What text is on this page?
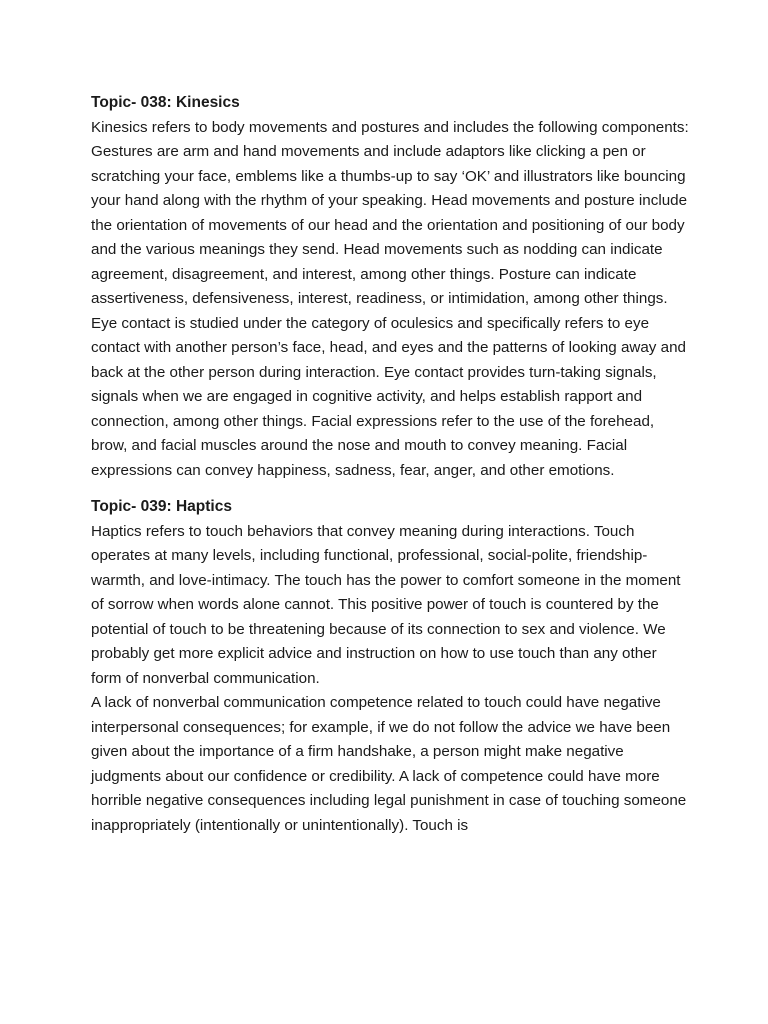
Topic- 038: Kinesics

Kinesics refers to body movements and postures and includes the following components:

Gestures are arm and hand movements and include adaptors like clicking a pen or scratching your face, emblems like a thumbs-up to say ‘OK’ and illustrators like bouncing your hand along with the rhythm of your speaking. Head movements and posture include the orientation of movements of our head and the orientation and positioning of our body and the various meanings they send. Head movements such as nodding can indicate agreement, disagreement, and interest, among other things. Posture can indicate assertiveness, defensiveness, interest, readiness, or intimidation, among other things.

Eye contact is studied under the category of oculesics and specifically refers to eye contact with another person’s face, head, and eyes and the patterns of looking away and back at the other person during interaction. Eye contact provides turn-taking signals, signals when we are engaged in cognitive activity, and helps establish rapport and connection, among other things. Facial expressions refer to the use of the forehead, brow, and facial muscles around the nose and mouth to convey meaning. Facial expressions can convey happiness, sadness, fear, anger, and other emotions.

Topic- 039: Haptics

Haptics refers to touch behaviors that convey meaning during interactions. Touch operates at many levels, including functional, professional, social-polite, friendship-warmth, and love-intimacy. The touch has the power to comfort someone in the moment of sorrow when words alone cannot. This positive power of touch is countered by the potential of touch to be threatening because of its connection to sex and violence. We probably get more explicit advice and instruction on how to use touch than any other form of nonverbal communication.

A lack of nonverbal communication competence related to touch could have negative interpersonal consequences; for example, if we do not follow the advice we have been given about the importance of a firm handshake, a person might make negative judgments about our confidence or credibility. A lack of competence could have more horrible negative consequences including legal punishment in case of touching someone inappropriately (intentionally or unintentionally). Touch is
